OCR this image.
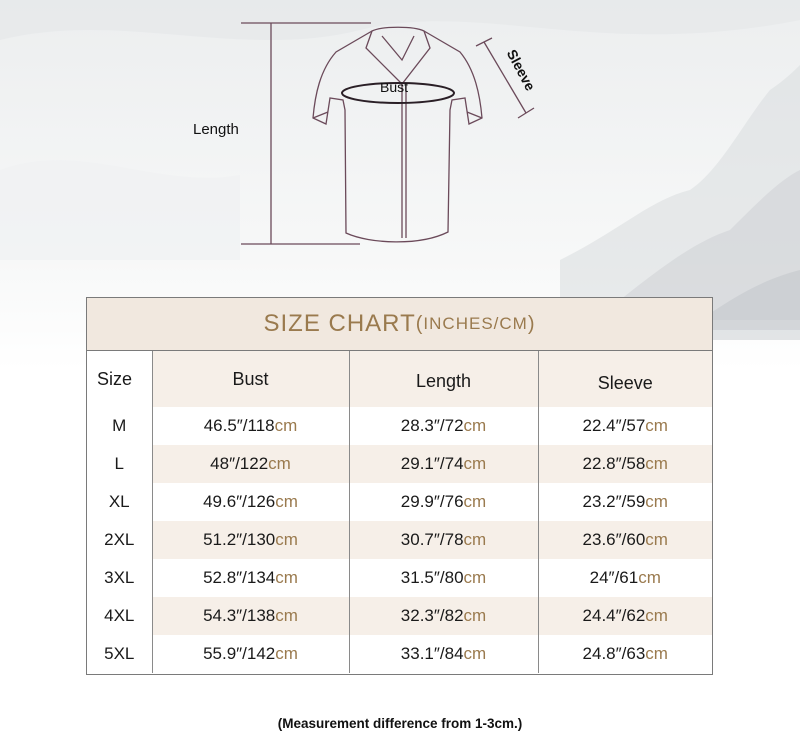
Length
Bust	Sleeve
SIZE CHART ( INCHES/CM )
Size	Bust	Length	Sleeve
M	46.5″/118cm	28.3″/72cm	22.4″/57cm
L	48″/122cm	29.1″/74cm	22.8″/58cm
XL	49.6″/126cm	29.9″/76cm	23.2″/59cm
2XL	51.2″/130cm	30.7″/78cm	23.6″/60cm
3XL	52.8″/134cm	31.5″/80cm	24″/61cm
4XL	54.3″/138cm	32.3″/82cm	24.4″/62cm
5XL	55.9″/142cm	33.1″/84cm	24.8″/63cm
(Measurement difference from 1-3cm.)
